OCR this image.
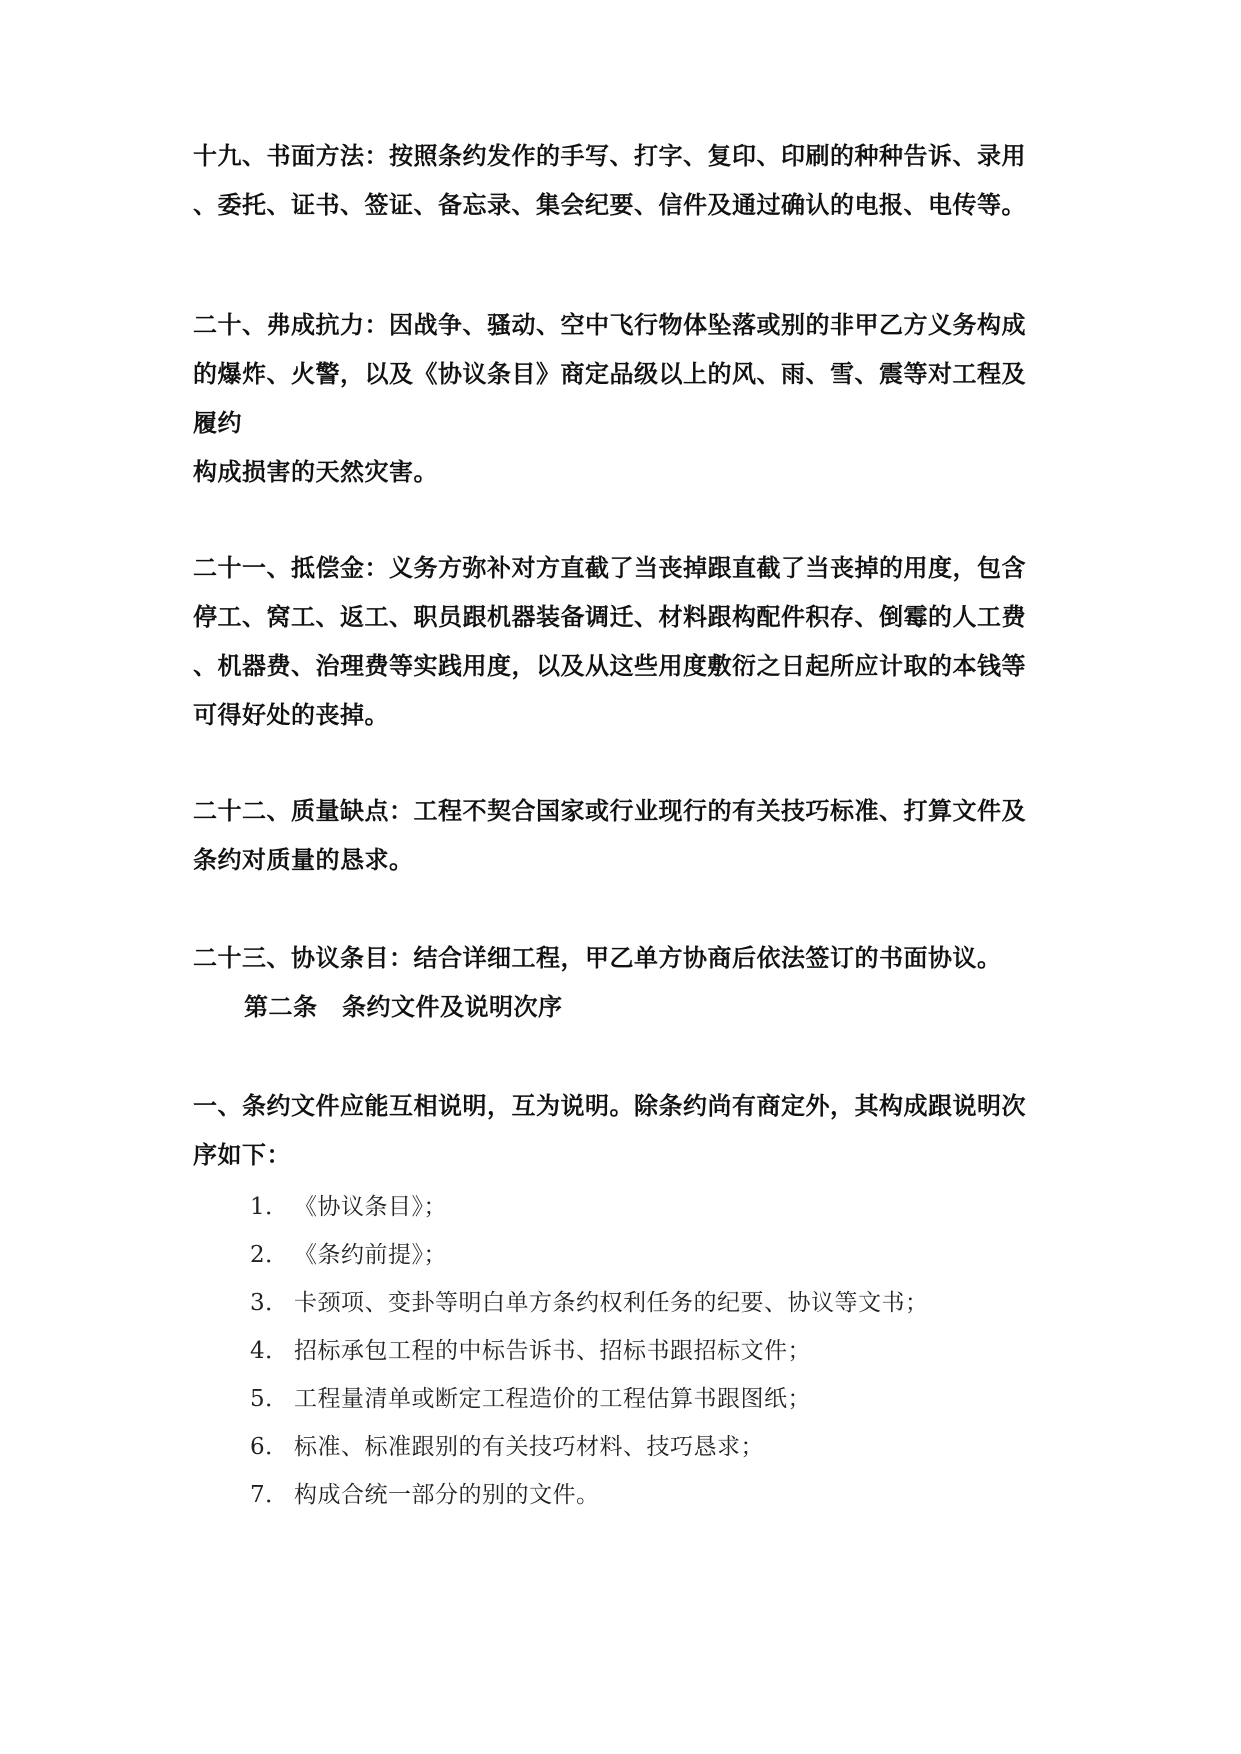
十九、书面方法：按照条约发作的手写、打字、复印、印刷的种种告诉、录用
、委托、证书、签证、备忘录、集会纪要、信件及通过确认的电报、电传等。
二十、弗成抗力：因战争、骚动、空中飞行物体坠落或别的非甲乙方义务构成
的爆炸、火警，以及《协议条目》商定品级以上的风、雨、雪、震等对工程及
履约
构成损害的天然灾害。
二十一、抵偿金：义务方弥补对方直截了当丧掉跟直截了当丧掉的用度，包含
停工、窝工、返工、职员跟机器装备调迁、材料跟构配件积存、倒霉的人工费
、机器费、治理费等实践用度，以及从这些用度敷衍之日起所应计取的本钱等
可得好处的丧掉。
二十二、质量缺点：工程不契合国家或行业现行的有关技巧标准、打算文件及
条约对质量的恳求。
二十三、协议条目：结合详细工程，甲乙单方协商后依法签订的书面协议。
第二条　条约文件及说明次序
一、条约文件应能互相说明，互为说明。除条约尚有商定外，其构成跟说明次
序如下：
1． 《协议条目》；
2． 《条约前提》；
3． 卡颈项、变卦等明白单方条约权利任务的纪要、协议等文书；
4． 招标承包工程的中标告诉书、招标书跟招标文件；
5． 工程量清单或断定工程造价的工程估算书跟图纸；
6． 标准、标准跟别的有关技巧材料、技巧恳求；
7． 构成合统一部分的别的文件。
